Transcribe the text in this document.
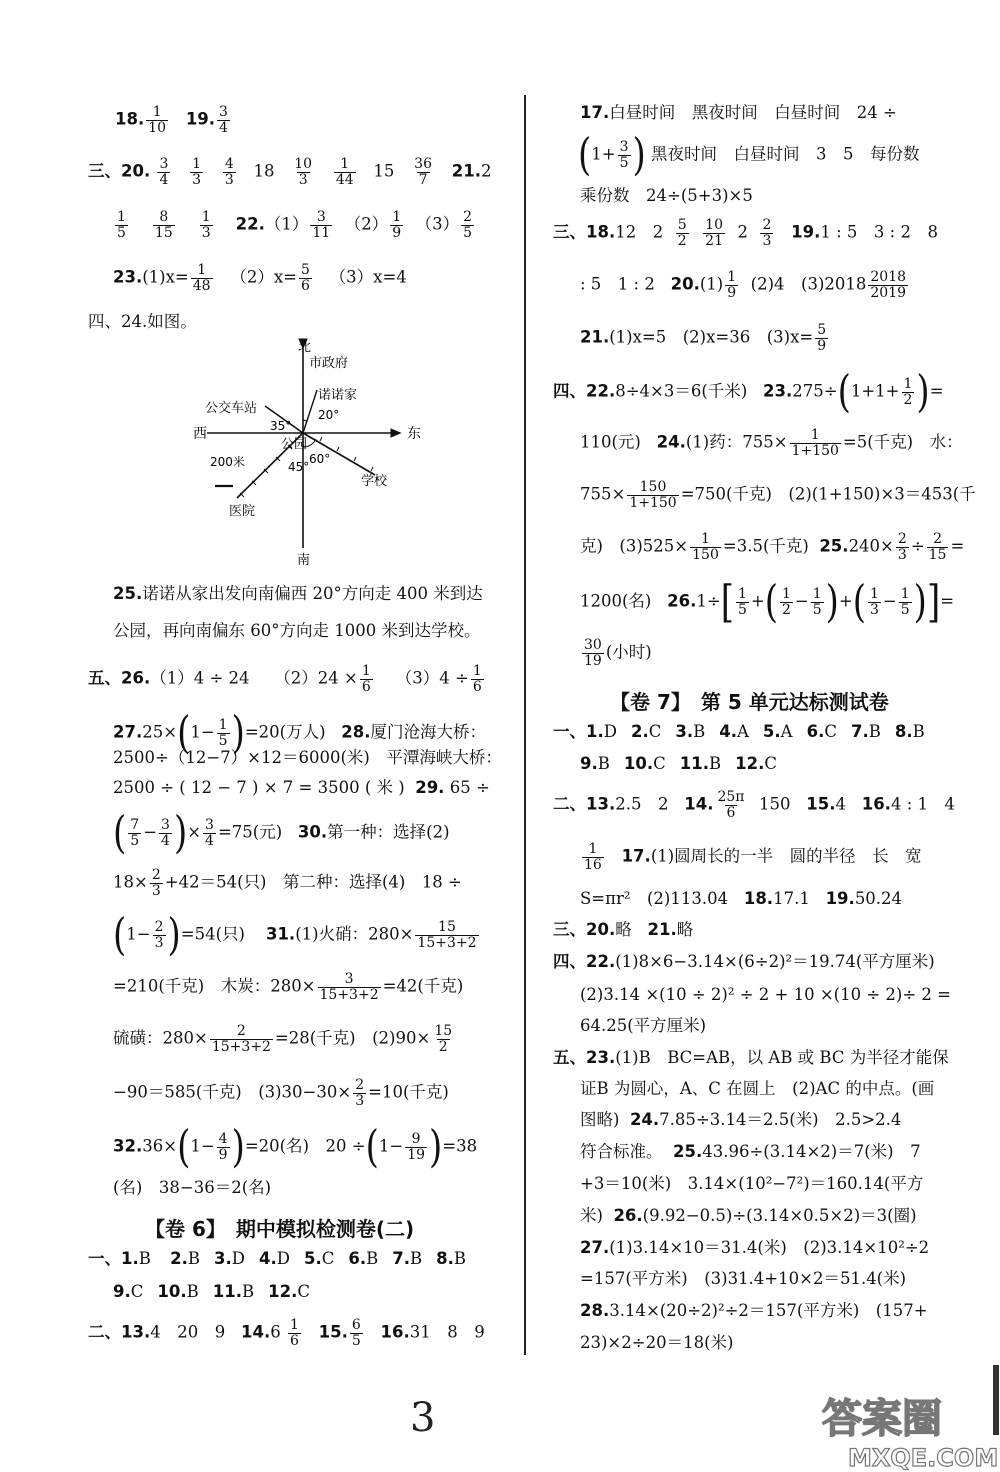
18. $\frac{1}{10} 19$. $\frac{3}{4}$
三、20. $\frac{3}{4}$
$\frac{1}{3}$
$\frac{4}{3} 18 \frac{10}{3}$
$\frac{1}{44} 15 \frac{36}{7} 21.2$
$\frac{1}{5}$
$\frac{8}{15}$
$\frac{1}{3} 22.(1) \frac{3}{11} (2) \frac{1}{9} (3) \frac{2}{5}$
$23.(1)x= \frac{1}{48} (2)x= \frac{5}{6} (3)x=4$
四、24.如图。
北
市政府
诺诺家
20°
公交车站
35°
西	东
公园
60°
45°
200米
学校
医院
南
25.诺诺从家出发向南偏西 20°方向走 400 米到达
公园，再向南偏东 60°方向走 1000 米到达学校。
五、26.（1）4 ÷ 24　　$(2)24 \times \frac{1}{6} (3)4 \div \frac{1}{6}$
$27.25\times(1- \frac{1}{5} )=20$(万人) 28.厦门沧海大桥：
2500÷（12−7）×12＝6000(米)　平潭海峡大桥：
2500 ÷ ( 12 − 7 ) × 7 = 3500 ( 米 ) 29. 65 ÷
( $\frac{7}{5} - \frac{3}{4}$ )× $\frac{3}{4} =75$(元) 30.第一种：选择(2)
$18\times \frac{2}{3} +42=54$(只)　第二种：选择(4)　18 ÷
$(1- \frac{2}{3} )=54$(只) 31.(1)火硝：$280\times \frac{15}{15+3+2}$
=210(千克)　木炭：$280\times \frac{3}{15+3+2} =42$(千克)
硫磺：$280\times \frac{2}{15+3+2} =28$(千克)　$(2)90\times \frac{15}{2}$
−90＝585(千克)　$(3)30-30\times \frac{2}{3} =10$(千克)
$32.36\times(1- \frac{4}{9} )=20$(名)　$20 \div(1- \frac{9}{19} )=38$
(名)　38−36＝2(名)
【卷 6】　期中模拟检测卷(二)
一、1.B 2.B 3.D 4.D 5.C 6.B 7.B 8.B
9.C 10.B 11.B 12.C
二、13.4　20　9 $14.6 \frac{1}{6} 15$. $\frac{6}{5} 16.31$　8　9
17.白昼时间　黑夜时间　白昼时间　24 ÷
($1+ \frac{3}{5}$ ) 黑夜时间　白昼时间　3　5　每份数
乘份数　24÷(5+3)×5
三、18.12　$2 \frac{5}{2}$
$\frac{10}{21} 2 \frac{2}{3} 19.1$ : 5　3 : 2　8
: 5　1 : 2 $20.(1) \frac{1}{9} (2)4$　$(3)2018 \frac{2018}{2019}$
21.(1)x=5　(2)x=36　$(3)x= \frac{5}{9}$
四、22.8÷4×3＝6(千米) $23.275\div(1+1+ \frac{1}{2}$ )=
110(元) 24.(1)药：$755\times \frac{1}{1+150} =5$(千克)　水：
$755\times \frac{150}{1+150} =750$(千克)　(2)(1+150)×3＝453(千
克)　$(3)525\times \frac{1}{150} =3.5$(千克) $25.240\times \frac{2}{3} \div \frac{2}{15}$ =
1200(名) $26.1\div[ \frac{1}{5}$ +( $\frac{1}{2} - \frac{1}{5}$ )+( $\frac{1}{3} - \frac{1}{5}$ )]=
$\frac{30}{19}$ (小时)
【卷 7】　第 5 单元达标测试卷
一、1.D 2.C 3.B 4.A 5.A 6.C 7.B 8.B
9.B 10.C 11.B 12.C
二、13.2.5　2 14. $\frac{25\pi}{6} 150$ 15.4 16.4 : 1　4
$\frac{1}{16} 17.(1)$圆周长的一半　圆的半径　长　宽
S=πr²　(2)113.04 18.17.1 19.50.24
三、20.略 21.略
四、22.(1)8×6−3.14×(6÷2)²＝19.74(平方厘米)
(2)3.14 ×(10 ÷ 2)² ÷ 2 + 10 ×(10 ÷ 2)÷ 2 =
64.25(平方厘米)
五、23.(1)B　BC=AB，以 AB 或 BC 为半径才能保
证B 为圆心，A、C 在圆上　(2)AC 的中点。(画
图略) 24.7.85÷3.14＝2.5(米)　2.5>2.4
符合标准。 25.43.96÷(3.14×2)＝7(米)　7
+3＝10(米)　3.14×(10²−7²)＝160.14(平方
米) 26.(9.92−0.5)÷(3.14×0.5×2)＝3(圈)
27.(1)3.14×10＝31.4(米)　(2)3.14×10²÷2
=157(平方米)　(3)31.4+10×2＝51.4(米)
28.3.14×(20÷2)²÷2＝157(平方米)　(157+
23)×2÷20＝18(米)
3	答案圈
MXQE.COM
